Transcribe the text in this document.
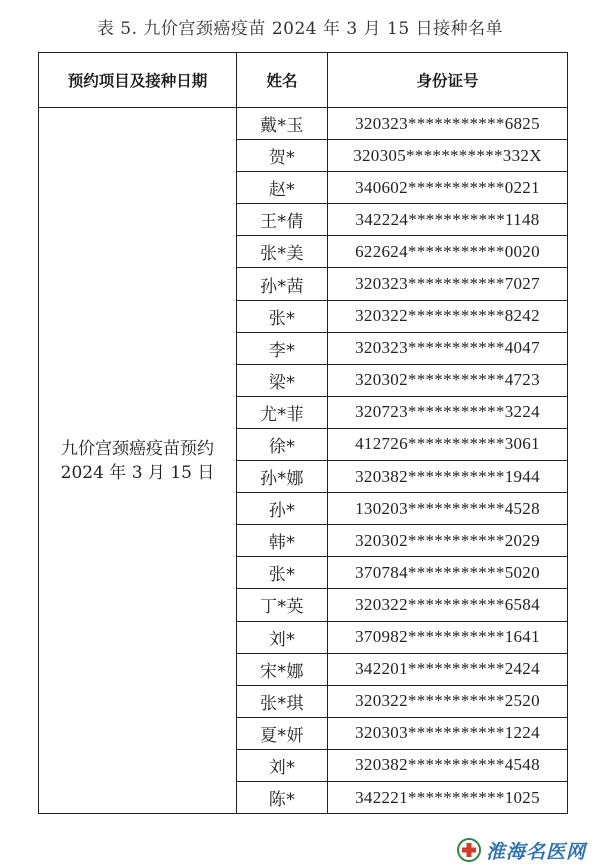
表 5. 九价宫颈癌疫苗 2024 年 3 月 15 日接种名单
预约项目及接种日期	姓名	身份证号

九价宫颈癌疫苗预约
2024 年 3 月 15 日	戴*玉	320323***********6825
	贺*	320305***********332X
	赵*	340602***********0221
	王*倩	342224***********1148
	张*美	622624***********0020
	孙*茜	320323***********7027
	张*	320322***********8242
	李*	320323***********4047
	梁*	320302***********4723
	尤*菲	320723***********3224
	徐*	412726***********3061
	孙*娜	320382***********1944
	孙*	130203***********4528
	韩*	320302***********2029
	张*	370784***********5020
	丁*英	320322***********6584
	刘*	370982***********1641
	宋*娜	342201***********2424
	张*琪	320322***********2520
	夏*妍	320303***********1224
	刘*	320382***********4548
	陈*	342221***********1025
淮海名医网
